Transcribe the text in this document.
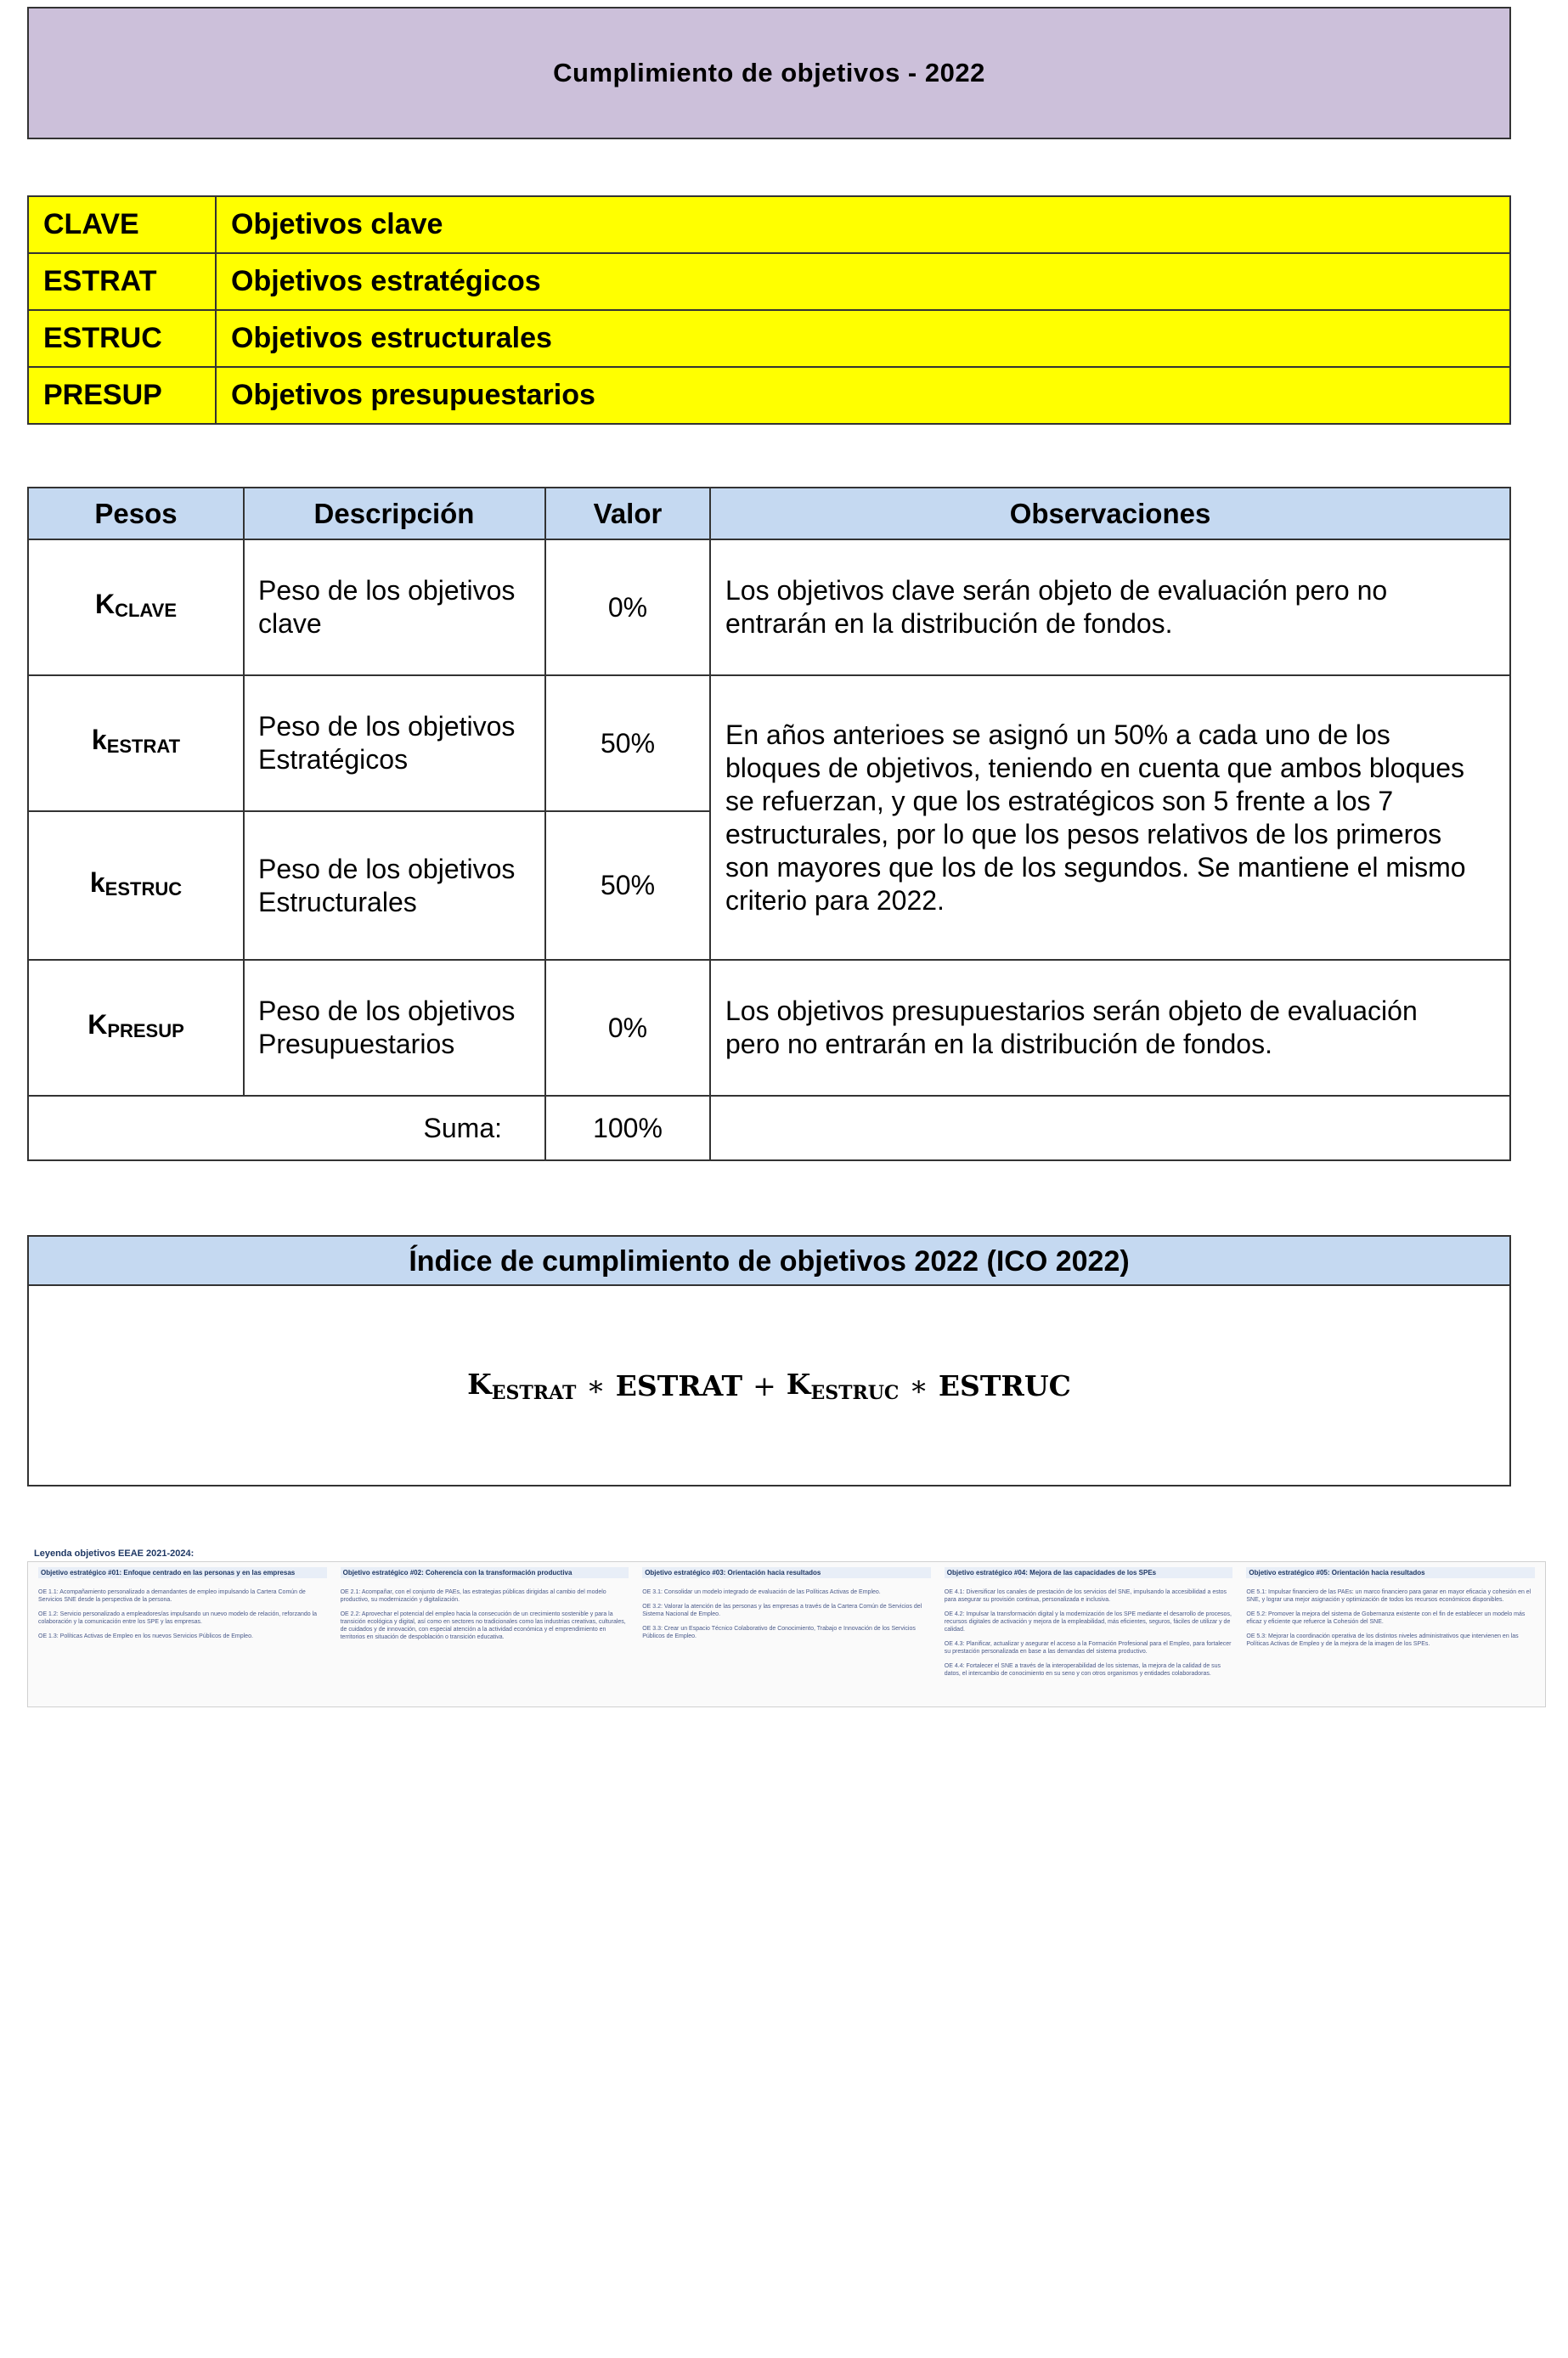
Cumplimiento de objetivos - 2022
CLAVE	Objetivos clave
ESTRAT	Objetivos estratégicos
ESTRUC	Objetivos estructurales
PRESUP	Objetivos presupuestarios
Pesos	Descripción	Valor	Observaciones
$K_{CLAVE}$	Peso de los objetivos clave	0%	Los objetivos clave serán objeto de evaluación pero no entrarán en la distribución de fondos.
$k_{ESTRAT}$	Peso de los objetivos Estratégicos	50%	En años anterioes se asignó un 50% a cada uno de los bloques de objetivos, teniendo en cuenta que ambos bloques se refuerzan, y que los estratégicos son 5 frente a los 7 estructurales, por lo que los pesos relativos de los primeros son mayores que los de los segundos. Se mantiene el mismo criterio para 2022.
$k_{ESTRUC}$	Peso de los objetivos Estructurales	50%	
$K_{PRESUP}$	Peso de los objetivos Presupuestarios	0%	Los objetivos presupuestarios serán objeto de evaluación pero no entrarán en la distribución de fondos.
Suma:		100%	
Índice de cumplimiento de objetivos 2022 (ICO 2022)
$K_{ESTRAT}$ ∗ ESTRAT + $K_{ESTRUC}$ ∗ ESTRUC
Leyenda objetivos EEAE 2021-2024:
Objetivo estratégico #01: Enfoque centrado en las personas y en las empresas
OE 1.1: Acompañamiento personalizado a demandantes de empleo impulsando la Cartera Común de Servicios SNE desde la perspectiva de la persona.
OE 1.2: Servicio personalizado a empleadores/as impulsando un nuevo modelo de relación, reforzando la colaboración y la comunicación entre los SPE y las empresas.
OE 1.3: Políticas Activas de Empleo en los nuevos Servicios Públicos de Empleo.
Objetivo estratégico #02: Coherencia con la transformación productiva
OE 2.1: Acompañar, con el conjunto de PAEs, las estrategias públicas dirigidas al cambio del modelo productivo, su modernización y digitalización.
OE 2.2: Aprovechar el potencial del empleo hacia la consecución de un crecimiento sostenible y para la transición ecológica y digital, así como en sectores no tradicionales como las industrias creativas, culturales, de cuidados y de innovación, con especial atención a la actividad económica y el emprendimiento en territorios en situación de despoblación o transición educativa.
Objetivo estratégico #03: Orientación hacia resultados
OE 3.1: Consolidar un modelo integrado de evaluación de las Políticas Activas de Empleo.
OE 3.2: Valorar la atención de las personas y las empresas a través de la Cartera Común de Servicios del Sistema Nacional de Empleo.
OE 3.3: Crear un Espacio Técnico Colaborativo de Conocimiento, Trabajo e Innovación de los Servicios Públicos de Empleo.
Objetivo estratégico #04: Mejora de las capacidades de los SPEs
OE 4.1: Diversificar los canales de prestación de los servicios del SNE, impulsando la accesibilidad a estos para asegurar su provisión continua, personalizada e inclusiva.
OE 4.2: Impulsar la transformación digital y la modernización de los SPE mediante el desarrollo de procesos, recursos digitales de activación y mejora de la empleabilidad, más eficientes, seguros, fáciles de utilizar y de calidad.
OE 4.3: Planificar, actualizar y asegurar el acceso a la Formación Profesional para el Empleo, para fortalecer su prestación personalizada en base a las demandas del sistema productivo.
OE 4.4: Fortalecer el SNE a través de la interoperabilidad de los sistemas, la mejora de la calidad de sus datos, el intercambio de conocimiento en su seno y con otros organismos y entidades colaboradoras.
Objetivo estratégico #05: Orientación hacia resultados
OE 5.1: Impulsar financiero de las PAEs: un marco financiero para ganar en mayor eficacia y cohesión en el SNE, y lograr una mejor asignación y optimización de todos los recursos económicos disponibles.
OE 5.2: Promover la mejora del sistema de Gobernanza existente con el fin de establecer un modelo más eficaz y eficiente que refuerce la Cohesión del SNE.
OE 5.3: Mejorar la coordinación operativa de los distintos niveles administrativos que intervienen en las Políticas Activas de Empleo y de la mejora de la imagen de los SPEs.
